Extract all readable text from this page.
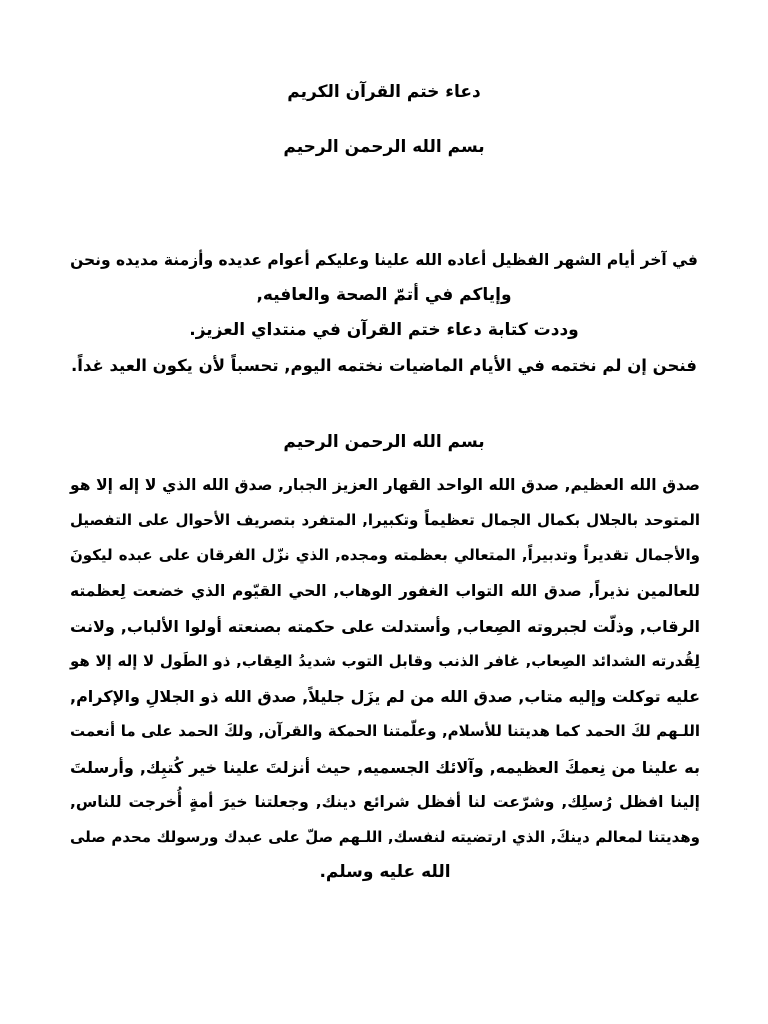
دعاء ختم القرآن الكريم
بسم الله الرحمن الرحيم
في آخر أيام الشهر الفظيل أعاده الله علينا وعليكم أعوام عديده وأزمنة مديده ونحن
وإياكم في أتمّ الصحة والعافيه,
وددت كتابة دعاء ختم القرآن في منتداي العزيز.
فنحن إن لم نختمه في الأيام الماضيات نختمه اليوم, تحسباً لأن يكون العيد غداً.
بسم الله الرحمن الرحيم
صدق الله العظيم, صدق الله الواحد القهار العزيز الجبار, صدق الله الذي لا إله إلا هو
المتوحد بالجلال بكمال الجمال تعظيماً وتكبيرا, المتفرد بتصريف الأحوال على التفصيل
والأجمال تقديراً وتدبيراً, المتعالي بعظمته ومجده, الذي نزّل الفرقان على عبده ليكونَ
للعالمين نذيراً, صدق الله التواب الغفور الوهاب, الحي القيّوم الذي خضعت لِعظمته
الرقاب, وذلّت لجبروته الصِعاب, وأستدلت على حكمته بصنعته أولوا الألباب, ولانت
لِقُدرته الشدائد الصِعاب, غافر الذنب وقابل التوب شديدُ العِقاب, ذو الطَول لا إله إلا هو
عليه توكلت وإليه متاب, صدق الله من لم يزَل جليلاً, صدق الله ذو الجلالِ والإكرام,
اللـهم لكَ الحمد كما هديتنا للأسلام, وعلّمتنا الحمكة والقرآن, ولكَ الحمد على ما أنعمت
به علينا من نِعمكَ العظيمه, وآلائك الجسميه, حيث أنزلتَ علينا خير كُتبِك, وأرسلتَ
إلينا افظل رُسلِك, وشرّعت لنا أفظل شرائع دينك, وجعلتنا خيرَ أمةٍ أُخرجت للناس,
وهديتنا لمعالم دينكَ, الذي ارتضيته لنفسك, اللـهم صلّ على عبدك ورسولك محدم صلى
الله عليه وسلم.
